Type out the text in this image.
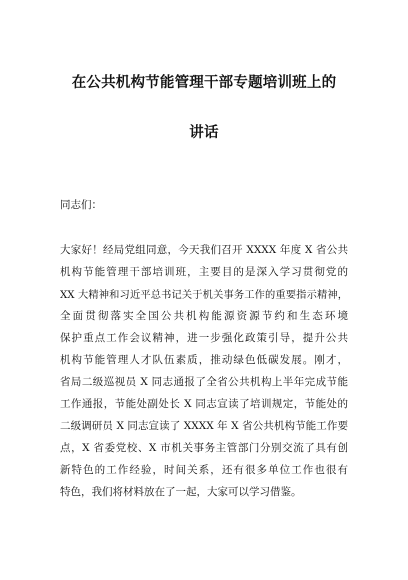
在公共机构节能管理干部专题培训班上的
讲话
同志们：
大家好！经局党组同意，今天我们召开 XXXX 年度 X 省公共
机构节能管理干部培训班，主要目的是深入学习贯彻党的
XX 大精神和习近平总书记关于机关事务工作的重要指示精神，
全面贯彻落实全国公共机构能源资源节约和生态环境
保护重点工作会议精神，进一步强化政策引导，提升公共
机构节能管理人才队伍素质，推动绿色低碳发展。刚才，
省局二级巡视员 X 同志通报了全省公共机构上半年完成节能
工作通报，节能处副处长 X 同志宣读了培训规定，节能处的
二级调研员 X 同志宣读了 XXXX 年 X 省公共机构节能工作要
点，X 省委党校、X 市机关事务主管部门分别交流了具有创
新特色的工作经验，时间关系，还有很多单位工作也很有
特色，我们将材料放在了一起，大家可以学习借鉴。
